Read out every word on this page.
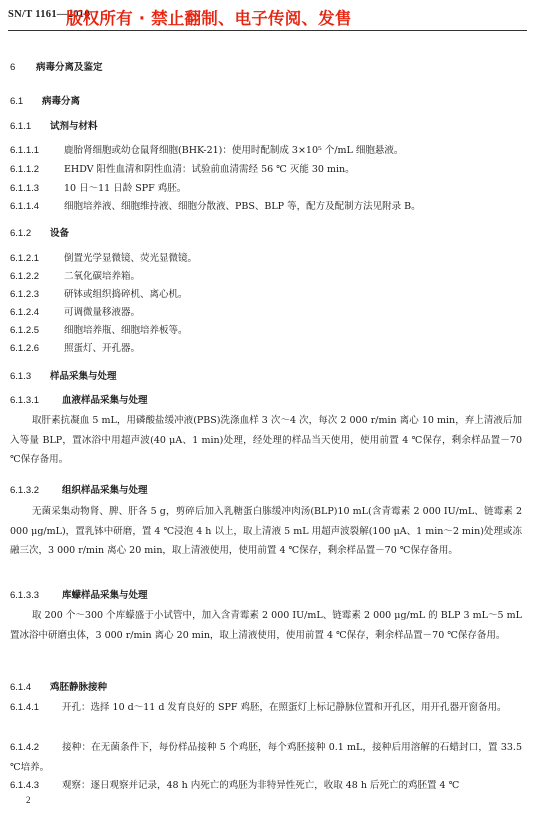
SN/T 1161—2010
版权所有 · 禁止翻制、电子传阅、发售
6 病毒分离及鉴定
6.1 病毒分离
6.1.1 试剂与材料
6.1.1.1	鹿胎肾细胞或幼仓鼠肾细胞(BHK-21)：使用时配制成 3×10⁵ 个/mL 细胞悬液。
6.1.1.2	EHDV 阳性血清和阴性血清：试验前血清需经 56 ℃ 灭能 30 min。
6.1.1.3	10 日～11 日龄 SPF 鸡胚。
6.1.1.4	细胞培养液、细胞维持液、细胞分散液、PBS、BLP 等，配方及配制方法见附录 B。
6.1.2 设备
6.1.2.1	倒置光学显微镜、荧光显微镜。
6.1.2.2	二氧化碳培养箱。
6.1.2.3	研钵或组织捣碎机、离心机。
6.1.2.4	可调微量移液器。
6.1.2.5	细胞培养瓶、细胞培养板等。
6.1.2.6	照蛋灯、开孔器。
6.1.3 样品采集与处理
6.1.3.1 血液样品采集与处理
取肝素抗凝血 5 mL，用磷酸盐缓冲液(PBS)洗涤血样 3 次～4 次，每次 2 000 r/min 离心 10 min，弃上清液后加入等量 BLP，置冰浴中用超声波(40 μA、1 min)处理，经处理的样品当天使用，使用前置 4 ℃保存，剩余样品置－70 ℃保存备用。
6.1.3.2 组织样品采集与处理
无菌采集动物肾、脾、肝各 5 g，剪碎后加入乳糖蛋白胨缓冲肉汤(BLP)10 mL(含青霉素 2 000 IU/mL、链霉素 2 000 μg/mL)，置乳钵中研磨，置 4 ℃浸泡 4 h 以上，取上清液 5 mL 用超声波裂解(100 μA、1 min～2 min)处理或冻融三次，3 000 r/min 离心 20 min，取上清液使用，使用前置 4 ℃保存，剩余样品置－70 ℃保存备用。
6.1.3.3 库蠓样品采集与处理
取 200 个～300 个库蠓盛于小试管中，加入含青霉素 2 000 IU/mL、链霉素 2 000 μg/mL 的 BLP 3 mL～5 mL 置冰浴中研磨虫体，3 000 r/min 离心 20 min，取上清液使用，使用前置 4 ℃保存，剩余样品置－70 ℃保存备用。
6.1.4 鸡胚静脉接种
6.1.4.1 开孔：选择 10 d～11 d 发育良好的 SPF 鸡胚，在照蛋灯上标记静脉位置和开孔区，用开孔器开窗备用。
6.1.4.2 接种：在无菌条件下，每份样品接种 5 个鸡胚，每个鸡胚接种 0.1 mL，接种后用溶解的石蜡封口，置 33.5 ℃培养。
6.1.4.3 观察：逐日观察并记录，48 h 内死亡的鸡胚为非特异性死亡，收取 48 h 后死亡的鸡胚置 4 ℃
2
